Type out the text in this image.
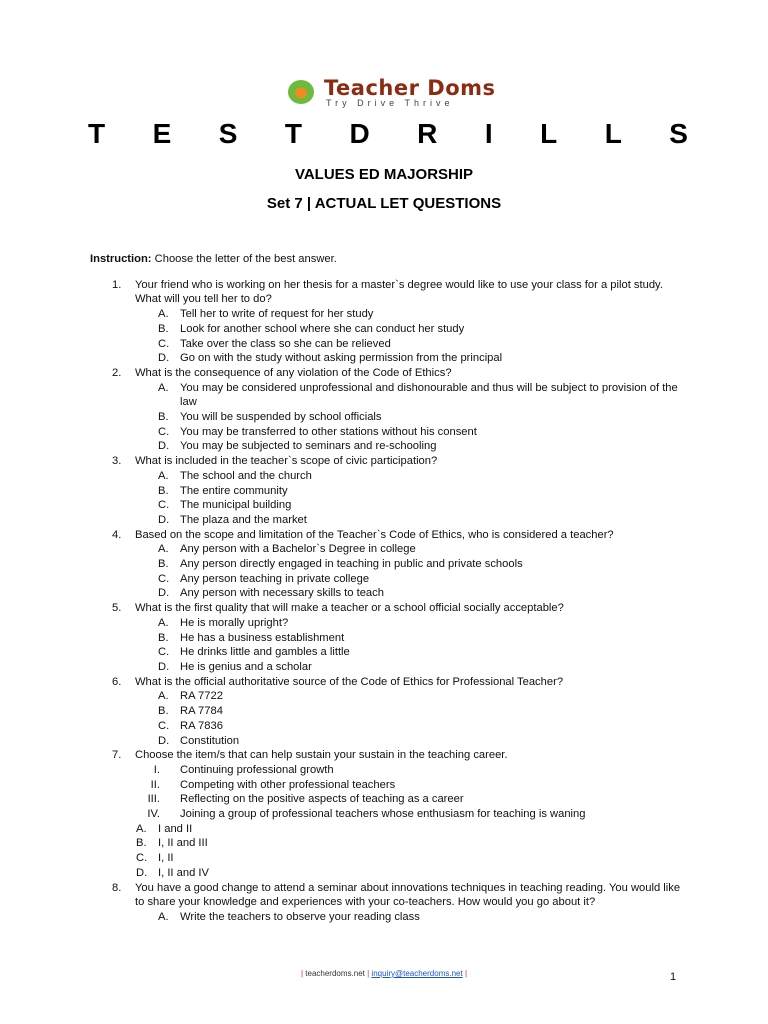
Teacher Doms
Try Drive Thrive
T E S T D R I L L S
VALUES ED MAJORSHIP
Set 7 | ACTUAL LET QUESTIONS
Instruction: Choose the letter of the best answer.
1. Your friend who is working on her thesis for a master`s degree would like to use your class for a pilot study. What will you tell her to do?
A. Tell her to write of request for her study
B. Look for another school where she can conduct her study
C. Take over the class so she can be relieved
D. Go on with the study without asking permission from the principal
2. What is the consequence of any violation of the Code of Ethics?
A. You may be considered unprofessional and dishonourable and thus will be subject to provision of the law
B. You will be suspended by school officials
C. You may be transferred to other stations without his consent
D. You may be subjected to seminars and re-schooling
3. What is included in the teacher`s scope of civic participation?
A. The school and the church
B. The entire community
C. The municipal building
D. The plaza and the market
4. Based on the scope and limitation of the Teacher`s Code of Ethics, who is considered a teacher?
A. Any person with a Bachelor`s Degree in college
B. Any person directly engaged in teaching in public and private schools
C. Any person teaching in private college
D. Any person with necessary skills to teach
5. What is the first quality that will make a teacher or a school official socially acceptable?
A. He is morally upright?
B. He has a business establishment
C. He drinks little and gambles a little
D. He is genius and a scholar
6. What is the official authoritative source of the Code of Ethics for Professional Teacher?
A. RA 7722
B. RA 7784
C. RA 7836
D. Constitution
7. Choose the item/s that can help sustain your sustain in the teaching career.
I. Continuing professional growth
II. Competing with other professional teachers
III. Reflecting on the positive aspects of teaching as a career
IV. Joining a group of professional teachers whose enthusiasm for teaching is waning
A. I and II
B. I, II and III
C. I, II
D. I, II and IV
8. You have a good change to attend a seminar about innovations techniques in teaching reading. You would like to share your knowledge and experiences with your co-teachers. How would you go about it?
A. Write the teachers to observe your reading class
| teacherdoms.net | inquiry@teacherdoms.net |	1
